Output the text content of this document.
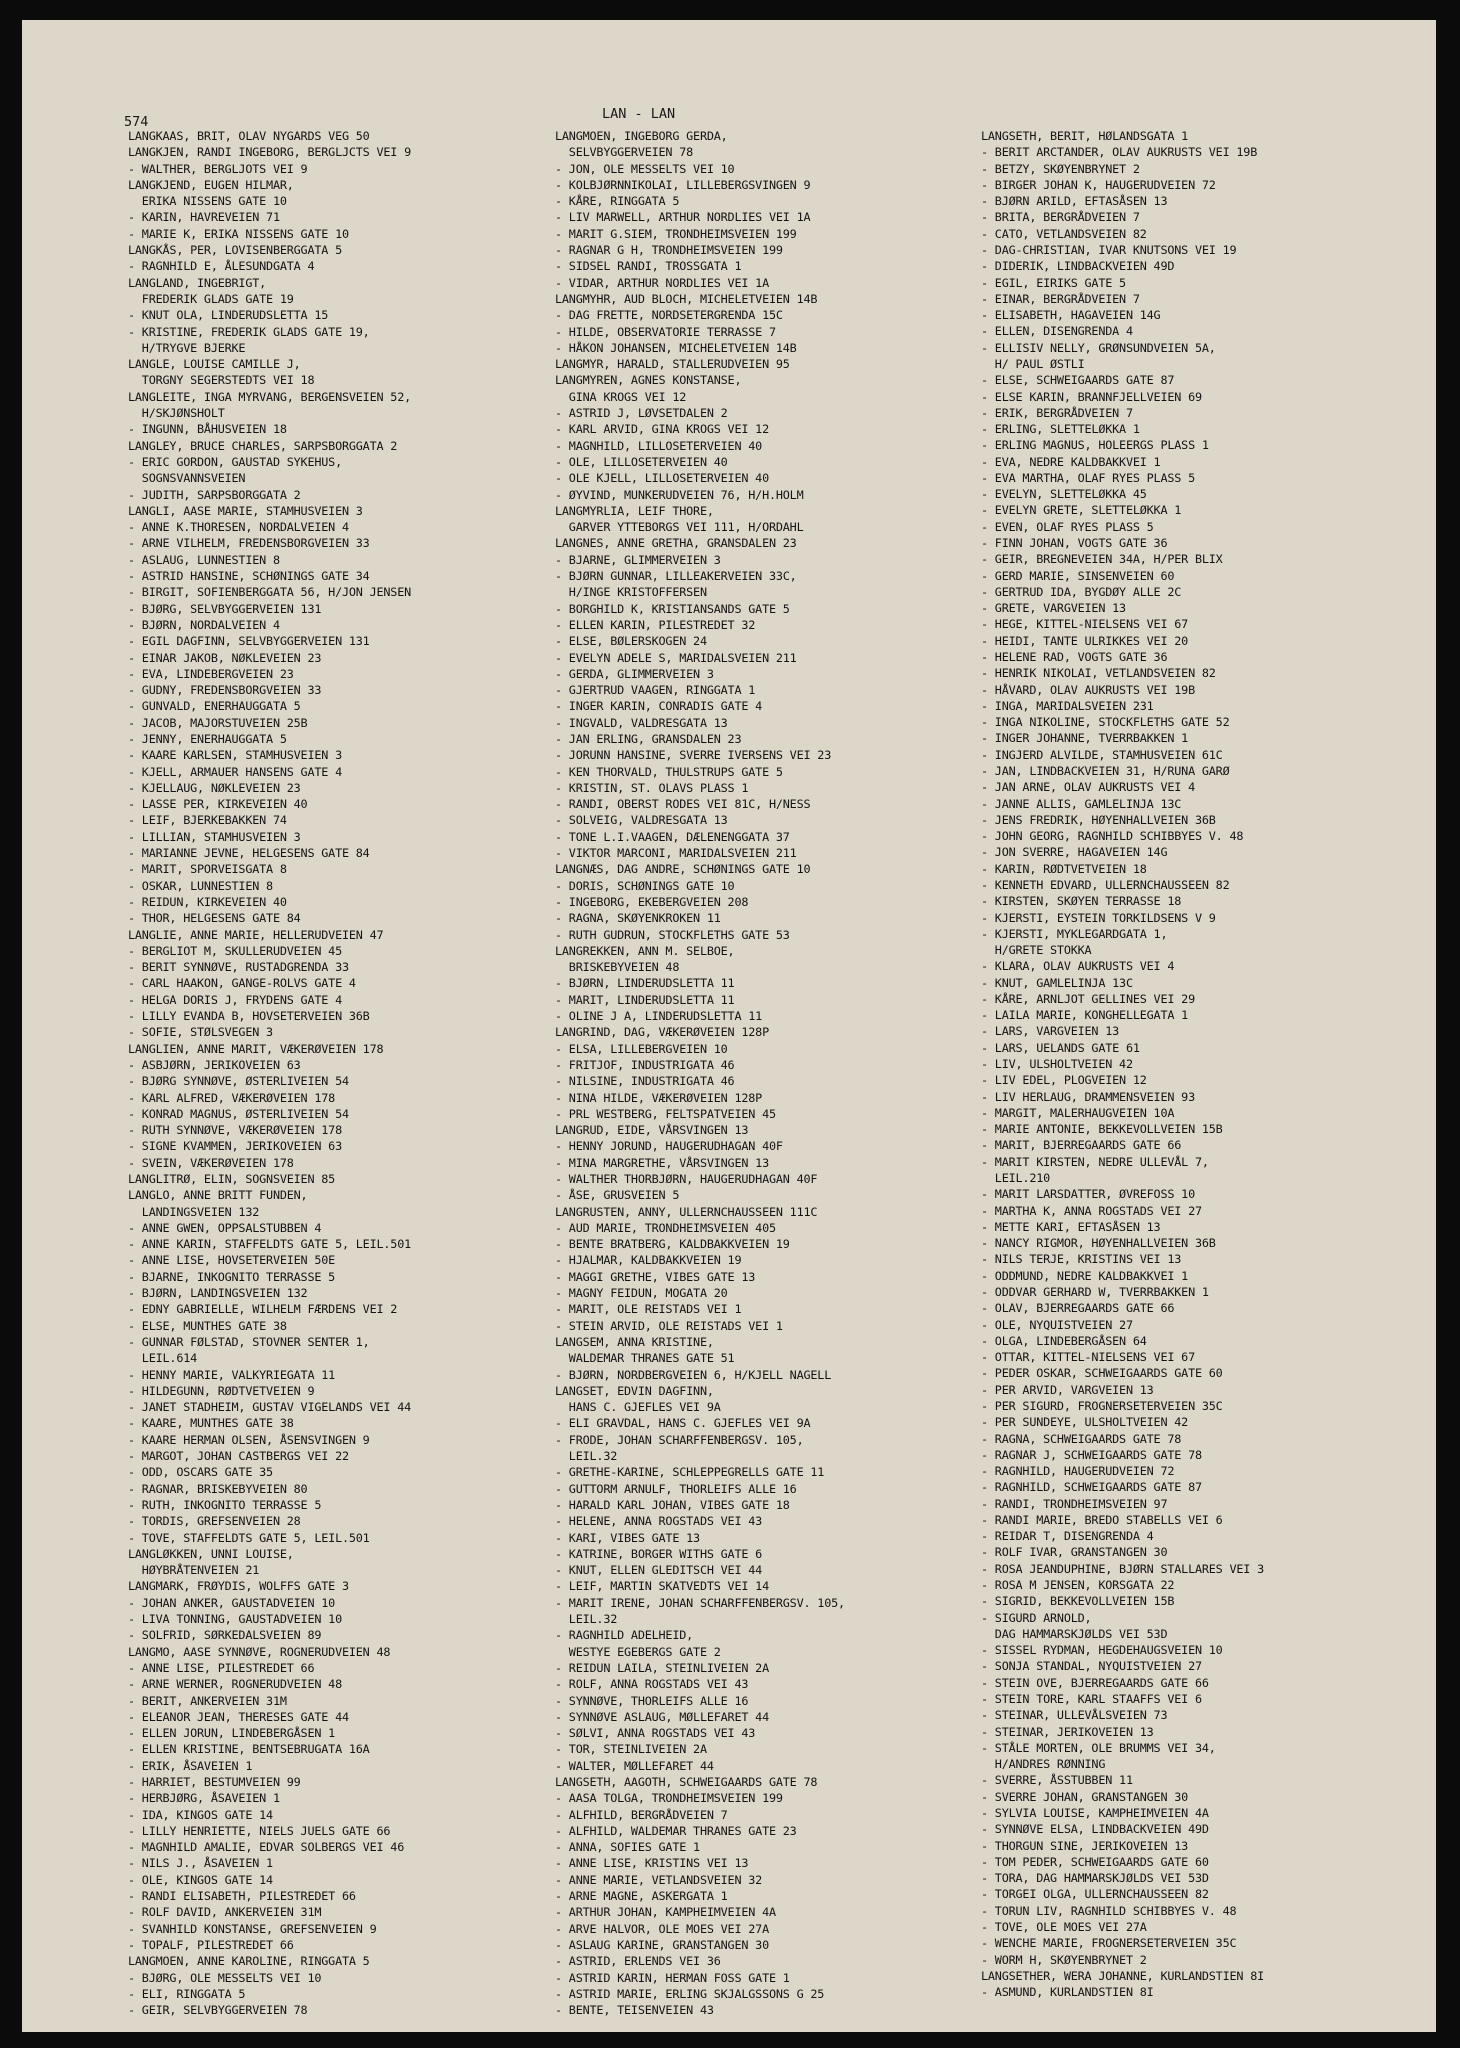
574	LAN - LAN
LANGKAAS, BRIT, OLAV NYGARDS VEG 50
LANGKJEN, RANDI INGEBORG, BERGLJCTS VEI 9
- WALTHER, BERGLJOTS VEI 9
LANGKJEND, EUGEN HILMAR,
ERIKA NISSENS GATE 10
- KARIN, HAVREVEIEN 71
- MARIE K, ERIKA NISSENS GATE 10
LANGKÅS, PER, LOVISENBERGGATA 5
- RAGNHILD E, ÅLESUNDGATA 4
LANGLAND, INGEBRIGT,
FREDERIK GLADS GATE 19
- KNUT OLA, LINDERUDSLETTA 15
- KRISTINE, FREDERIK GLADS GATE 19,
H/TRYGVE BJERKE
LANGLE, LOUISE CAMILLE J,
TORGNY SEGERSTEDTS VEI 18
LANGLEITE, INGA MYRVANG, BERGENSVEIEN 52,
H/SKJØNSHOLT
- INGUNN, BÅHUSVEIEN 18
LANGLEY, BRUCE CHARLES, SARPSBORGGATA 2
- ERIC GORDON, GAUSTAD SYKEHUS,
SOGNSVANNSVEIEN
- JUDITH, SARPSBORGGATA 2
LANGLI, AASE MARIE, STAMHUSVEIEN 3
- ANNE K.THORESEN, NORDALVEIEN 4
- ARNE VILHELM, FREDENSBORGVEIEN 33
- ASLAUG, LUNNESTIEN 8
- ASTRID HANSINE, SCHØNINGS GATE 34
- BIRGIT, SOFIENBERGGATA 56, H/JON JENSEN
- BJØRG, SELVBYGGERVEIEN 131
- BJØRN, NORDALVEIEN 4
- EGIL DAGFINN, SELVBYGGERVEIEN 131
- EINAR JAKOB, NØKLEVEIEN 23
- EVA, LINDEBERGVEIEN 23
- GUDNY, FREDENSBORGVEIEN 33
- GUNVALD, ENERHAUGGATA 5
- JACOB, MAJORSTUVEIEN 25B
- JENNY, ENERHAUGGATA 5
- KAARE KARLSEN, STAMHUSVEIEN 3
- KJELL, ARMAUER HANSENS GATE 4
- KJELLAUG, NØKLEVEIEN 23
- LASSE PER, KIRKEVEIEN 40
- LEIF, BJERKEBAKKEN 74
- LILLIAN, STAMHUSVEIEN 3
- MARIANNE JEVNE, HELGESENS GATE 84
- MARIT, SPORVEISGATA 8
- OSKAR, LUNNESTIEN 8
- REIDUN, KIRKEVEIEN 40
- THOR, HELGESENS GATE 84
LANGLIE, ANNE MARIE, HELLERUDVEIEN 47
- BERGLIOT M, SKULLERUDVEIEN 45
- BERIT SYNNØVE, RUSTADGRENDA 33
- CARL HAAKON, GANGE-ROLVS GATE 4
- HELGA DORIS J, FRYDENS GATE 4
- LILLY EVANDA B, HOVSETERVEIEN 36B
- SOFIE, STØLSVEGEN 3
LANGLIEN, ANNE MARIT, VÆKERØVEIEN 178
- ASBJØRN, JERIKOVEIEN 63
- BJØRG SYNNØVE, ØSTERLIVEIEN 54
- KARL ALFRED, VÆKERØVEIEN 178
- KONRAD MAGNUS, ØSTERLIVEIEN 54
- RUTH SYNNØVE, VÆKERØVEIEN 178
- SIGNE KVAMMEN, JERIKOVEIEN 63
- SVEIN, VÆKERØVEIEN 178
LANGLITRØ, ELIN, SOGNSVEIEN 85
LANGLO, ANNE BRITT FUNDEN,
LANDINGSVEIEN 132
- ANNE GWEN, OPPSALSTUBBEN 4
- ANNE KARIN, STAFFELDTS GATE 5, LEIL.501
- ANNE LISE, HOVSETERVEIEN 50E
- BJARNE, INKOGNITO TERRASSE 5
- BJØRN, LANDINGSVEIEN 132
- EDNY GABRIELLE, WILHELM FÆRDENS VEI 2
- ELSE, MUNTHES GATE 38
- GUNNAR FØLSTAD, STOVNER SENTER 1,
LEIL.614
- HENNY MARIE, VALKYRIEGATA 11
- HILDEGUNN, RØDTVETVEIEN 9
- JANET STADHEIM, GUSTAV VIGELANDS VEI 44
- KAARE, MUNTHES GATE 38
- KAARE HERMAN OLSEN, ÅSENSVINGEN 9
- MARGOT, JOHAN CASTBERGS VEI 22
- ODD, OSCARS GATE 35
- RAGNAR, BRISKEBYVEIEN 80
- RUTH, INKOGNITO TERRASSE 5
- TORDIS, GREFSENVEIEN 28
- TOVE, STAFFELDTS GATE 5, LEIL.501
LANGLØKKEN, UNNI LOUISE,
HØYBRÅTENVEIEN 21
LANGMARK, FRØYDIS, WOLFFS GATE 3
- JOHAN ANKER, GAUSTADVEIEN 10
- LIVA TONNING, GAUSTADVEIEN 10
- SOLFRID, SØRKEDALSVEIEN 89
LANGMO, AASE SYNNØVE, ROGNERUDVEIEN 48
- ANNE LISE, PILESTREDET 66
- ARNE WERNER, ROGNERUDVEIEN 48
- BERIT, ANKERVEIEN 31M
- ELEANOR JEAN, THERESES GATE 44
- ELLEN JORUN, LINDEBERGÅSEN 1
- ELLEN KRISTINE, BENTSEBRUGATA 16A
- ERIK, ÅSAVEIEN 1
- HARRIET, BESTUMVEIEN 99
- HERBJØRG, ÅSAVEIEN 1
- IDA, KINGOS GATE 14
- LILLY HENRIETTE, NIELS JUELS GATE 66
- MAGNHILD AMALIE, EDVAR SOLBERGS VEI 46
- NILS J., ÅSAVEIEN 1
- OLE, KINGOS GATE 14
- RANDI ELISABETH, PILESTREDET 66
- ROLF DAVID, ANKERVEIEN 31M
- SVANHILD KONSTANSE, GREFSENVEIEN 9
- TOPALF, PILESTREDET 66
LANGMOEN, ANNE KAROLINE, RINGGATA 5
- BJØRG, OLE MESSELTS VEI 10
- ELI, RINGGATA 5
- GEIR, SELVBYGGERVEIEN 78
LANGMOEN, INGEBORG GERDA,
SELVBYGGERVEIEN 78
- JON, OLE MESSELTS VEI 10
- KOLBJØRNNIKOLAI, LILLEBERGSVINGEN 9
- KÅRE, RINGGATA 5
- LIV MARWELL, ARTHUR NORDLIES VEI 1A
- MARIT G.SIEM, TRONDHEIMSVEIEN 199
- RAGNAR G H, TRONDHEIMSVEIEN 199
- SIDSEL RANDI, TROSSGATA 1
- VIDAR, ARTHUR NORDLIES VEI 1A
LANGMYHR, AUD BLOCH, MICHELETVEIEN 14B
- DAG FRETTE, NORDSETERGRENDA 15C
- HILDE, OBSERVATORIE TERRASSE 7
- HÅKON JOHANSEN, MICHELETVEIEN 14B
LANGMYR, HARALD, STALLERUDVEIEN 95
LANGMYREN, AGNES KONSTANSE,
GINA KROGS VEI 12
- ASTRID J, LØVSETDALEN 2
- KARL ARVID, GINA KROGS VEI 12
- MAGNHILD, LILLOSETERVEIEN 40
- OLE, LILLOSETERVEIEN 40
- OLE KJELL, LILLOSETERVEIEN 40
- ØYVIND, MUNKERUDVEIEN 76, H/H.HOLM
LANGMYRLIA, LEIF THORE,
GARVER YTTEBORGS VEI 111, H/ORDAHL
LANGNES, ANNE GRETHA, GRANSDALEN 23
- BJARNE, GLIMMERVEIEN 3
- BJØRN GUNNAR, LILLEAKERVEIEN 33C,
H/INGE KRISTOFFERSEN
- BORGHILD K, KRISTIANSANDS GATE 5
- ELLEN KARIN, PILESTREDET 32
- ELSE, BØLERSKOGEN 24
- EVELYN ADELE S, MARIDALSVEIEN 211
- GERDA, GLIMMERVEIEN 3
- GJERTRUD VAAGEN, RINGGATA 1
- INGER KARIN, CONRADIS GATE 4
- INGVALD, VALDRESGATA 13
- JAN ERLING, GRANSDALEN 23
- JORUNN HANSINE, SVERRE IVERSENS VEI 23
- KEN THORVALD, THULSTRUPS GATE 5
- KRISTIN, ST. OLAVS PLASS 1
- RANDI, OBERST RODES VEI 81C, H/NESS
- SOLVEIG, VALDRESGATA 13
- TONE L.I.VAAGEN, DÆLENENGGATA 37
- VIKTOR MARCONI, MARIDALSVEIEN 211
LANGNÆS, DAG ANDRE, SCHØNINGS GATE 10
- DORIS, SCHØNINGS GATE 10
- INGEBORG, EKEBERGVEIEN 208
- RAGNA, SKØYENKROKEN 11
- RUTH GUDRUN, STOCKFLETHS GATE 53
LANGREKKEN, ANN M. SELBOE,
BRISKEBYVEIEN 48
- BJØRN, LINDERUDSLETTA 11
- MARIT, LINDERUDSLETTA 11
- OLINE J A, LINDERUDSLETTA 11
LANGRIND, DAG, VÆKERØVEIEN 128P
- ELSA, LILLEBERGVEIEN 10
- FRITJOF, INDUSTRIGATA 46
- NILSINE, INDUSTRIGATA 46
- NINA HILDE, VÆKERØVEIEN 128P
- PRL WESTBERG, FELTSPATVEIEN 45
LANGRUD, EIDE, VÅRSVINGEN 13
- HENNY JORUND, HAUGERUDHAGAN 40F
- MINA MARGRETHE, VÅRSVINGEN 13
- WALTHER THORBJØRN, HAUGERUDHAGAN 40F
- ÅSE, GRUSVEIEN 5
LANGRUSTEN, ANNY, ULLERNCHAUSSEEN 111C
- AUD MARIE, TRONDHEIMSVEIEN 405
- BENTE BRATBERG, KALDBAKKVEIEN 19
- HJALMAR, KALDBAKKVEIEN 19
- MAGGI GRETHE, VIBES GATE 13
- MAGNY FEIDUN, MOGATA 20
- MARIT, OLE REISTADS VEI 1
- STEIN ARVID, OLE REISTADS VEI 1
LANGSEM, ANNA KRISTINE,
WALDEMAR THRANES GATE 51
- BJØRN, NORDBERGVEIEN 6, H/KJELL NAGELL
LANGSET, EDVIN DAGFINN,
HANS C. GJEFLES VEI 9A
- ELI GRAVDAL, HANS C. GJEFLES VEI 9A
- FRODE, JOHAN SCHARFFENBERGSV. 105,
LEIL.32
- GRETHE-KARINE, SCHLEPPEGRELLS GATE 11
- GUTTORM ARNULF, THORLEIFS ALLE 16
- HARALD KARL JOHAN, VIBES GATE 18
- HELENE, ANNA ROGSTADS VEI 43
- KARI, VIBES GATE 13
- KATRINE, BORGER WITHS GATE 6
- KNUT, ELLEN GLEDITSCH VEI 44
- LEIF, MARTIN SKATVEDTS VEI 14
- MARIT IRENE, JOHAN SCHARFFENBERGSV. 105,
LEIL.32
- RAGNHILD ADELHEID,
WESTYE EGEBERGS GATE 2
- REIDUN LAILA, STEINLIVEIEN 2A
- ROLF, ANNA ROGSTADS VEI 43
- SYNNØVE, THORLEIFS ALLE 16
- SYNNØVE ASLAUG, MØLLEFARET 44
- SØLVI, ANNA ROGSTADS VEI 43
- TOR, STEINLIVEIEN 2A
- WALTER, MØLLEFARET 44
LANGSETH, AAGOTH, SCHWEIGAARDS GATE 78
- AASA TOLGA, TRONDHEIMSVEIEN 199
- ALFHILD, BERGRÅDVEIEN 7
- ALFHILD, WALDEMAR THRANES GATE 23
- ANNA, SOFIES GATE 1
- ANNE LISE, KRISTINS VEI 13
- ANNE MARIE, VETLANDSVEIEN 32
- ARNE MAGNE, ASKERGATA 1
- ARTHUR JOHAN, KAMPHEIMVEIEN 4A
- ARVE HALVOR, OLE MOES VEI 27A
- ASLAUG KARINE, GRANSTANGEN 30
- ASTRID, ERLENDS VEI 36
- ASTRID KARIN, HERMAN FOSS GATE 1
- ASTRID MARIE, ERLING SKJALGSSONS G 25
- BENTE, TEISENVEIEN 43
LANGSETH, BERIT, HØLANDSGATA 1
- BERIT ARCTANDER, OLAV AUKRUSTS VEI 19B
- BETZY, SKØYENBRYNET 2
- BIRGER JOHAN K, HAUGERUDVEIEN 72
- BJØRN ARILD, EFTASÅSEN 13
- BRITA, BERGRÅDVEIEN 7
- CATO, VETLANDSVEIEN 82
- DAG-CHRISTIAN, IVAR KNUTSONS VEI 19
- DIDERIK, LINDBACKVEIEN 49D
- EGIL, EIRIKS GATE 5
- EINAR, BERGRÅDVEIEN 7
- ELISABETH, HAGAVEIEN 14G
- ELLEN, DISENGRENDA 4
- ELLISIV NELLY, GRØNSUNDVEIEN 5A,
H/ PAUL ØSTLI
- ELSE, SCHWEIGAARDS GATE 87
- ELSE KARIN, BRANNFJELLVEIEN 69
- ERIK, BERGRÅDVEIEN 7
- ERLING, SLETTELØKKA 1
- ERLING MAGNUS, HOLEERGS PLASS 1
- EVA, NEDRE KALDBAKKVEI 1
- EVA MARTHA, OLAF RYES PLASS 5
- EVELYN, SLETTELØKKA 45
- EVELYN GRETE, SLETTELØKKA 1
- EVEN, OLAF RYES PLASS 5
- FINN JOHAN, VOGTS GATE 36
- GEIR, BREGNEVEIEN 34A, H/PER BLIX
- GERD MARIE, SINSENVEIEN 60
- GERTRUD IDA, BYGDØY ALLE 2C
- GRETE, VARGVEIEN 13
- HEGE, KITTEL-NIELSENS VEI 67
- HEIDI, TANTE ULRIKKES VEI 20
- HELENE RAD, VOGTS GATE 36
- HENRIK NIKOLAI, VETLANDSVEIEN 82
- HÅVARD, OLAV AUKRUSTS VEI 19B
- INGA, MARIDALSVEIEN 231
- INGA NIKOLINE, STOCKFLETHS GATE 52
- INGER JOHANNE, TVERRBAKKEN 1
- INGJERD ALVILDE, STAMHUSVEIEN 61C
- JAN, LINDBACKVEIEN 31, H/RUNA GARØ
- JAN ARNE, OLAV AUKRUSTS VEI 4
- JANNE ALLIS, GAMLELINJA 13C
- JENS FREDRIK, HØYENHALLVEIEN 36B
- JOHN GEORG, RAGNHILD SCHIBBYES V. 48
- JON SVERRE, HAGAVEIEN 14G
- KARIN, RØDTVETVEIEN 18
- KENNETH EDVARD, ULLERNCHAUSSEEN 82
- KIRSTEN, SKØYEN TERRASSE 18
- KJERSTI, EYSTEIN TORKILDSENS V 9
- KJERSTI, MYKLEGARDGATA 1,
H/GRETE STOKKA
- KLARA, OLAV AUKRUSTS VEI 4
- KNUT, GAMLELINJA 13C
- KÅRE, ARNLJOT GELLINES VEI 29
- LAILA MARIE, KONGHELLEGATA 1
- LARS, VARGVEIEN 13
- LARS, UELANDS GATE 61
- LIV, ULSHOLTVEIEN 42
- LIV EDEL, PLOGVEIEN 12
- LIV HERLAUG, DRAMMENSVEIEN 93
- MARGIT, MALERHAUGVEIEN 10A
- MARIE ANTONIE, BEKKEVOLLVEIEN 15B
- MARIT, BJERREGAARDS GATE 66
- MARIT KIRSTEN, NEDRE ULLEVÅL 7,
LEIL.210
- MARIT LARSDATTER, ØVREFOSS 10
- MARTHA K, ANNA ROGSTADS VEI 27
- METTE KARI, EFTASÅSEN 13
- NANCY RIGMOR, HØYENHALLVEIEN 36B
- NILS TERJE, KRISTINS VEI 13
- ODDMUND, NEDRE KALDBAKKVEI 1
- ODDVAR GERHARD W, TVERRBAKKEN 1
- OLAV, BJERREGAARDS GATE 66
- OLE, NYQUISTVEIEN 27
- OLGA, LINDEBERGÅSEN 64
- OTTAR, KITTEL-NIELSENS VEI 67
- PEDER OSKAR, SCHWEIGAARDS GATE 60
- PER ARVID, VARGVEIEN 13
- PER SIGURD, FROGNERSETERVEIEN 35C
- PER SUNDEYE, ULSHOLTVEIEN 42
- RAGNA, SCHWEIGAARDS GATE 78
- RAGNAR J, SCHWEIGAARDS GATE 78
- RAGNHILD, HAUGERUDVEIEN 72
- RAGNHILD, SCHWEIGAARDS GATE 87
- RANDI, TRONDHEIMSVEIEN 97
- RANDI MARIE, BREDO STABELLS VEI 6
- REIDAR T, DISENGRENDA 4
- ROLF IVAR, GRANSTANGEN 30
- ROSA JEANDUPHINE, BJØRN STALLARES VEI 3
- ROSA M JENSEN, KORSGATA 22
- SIGRID, BEKKEVOLLVEIEN 15B
- SIGURD ARNOLD,
DAG HAMMARSKJØLDS VEI 53D
- SISSEL RYDMAN, HEGDEHAUGSVEIEN 10
- SONJA STANDAL, NYQUISTVEIEN 27
- STEIN OVE, BJERREGAARDS GATE 66
- STEIN TORE, KARL STAAFFS VEI 6
- STEINAR, ULLEVÅLSVEIEN 73
- STEINAR, JERIKOVEIEN 13
- STÅLE MORTEN, OLE BRUMMS VEI 34,
H/ANDRES RØNNING
- SVERRE, ÅSSTUBBEN 11
- SVERRE JOHAN, GRANSTANGEN 30
- SYLVIA LOUISE, KAMPHEIMVEIEN 4A
- SYNNØVE ELSA, LINDBACKVEIEN 49D
- THORGUN SINE, JERIKOVEIEN 13
- TOM PEDER, SCHWEIGAARDS GATE 60
- TORA, DAG HAMMARSKJØLDS VEI 53D
- TORGEI OLGA, ULLERNCHAUSSEEN 82
- TORUN LIV, RAGNHILD SCHIBBYES V. 48
- TOVE, OLE MOES VEI 27A
- WENCHE MARIE, FROGNERSETERVEIEN 35C
- WORM H, SKØYENBRYNET 2
LANGSETHER, WERA JOHANNE, KURLANDSTIEN 8I
- ASMUND, KURLANDSTIEN 8I
